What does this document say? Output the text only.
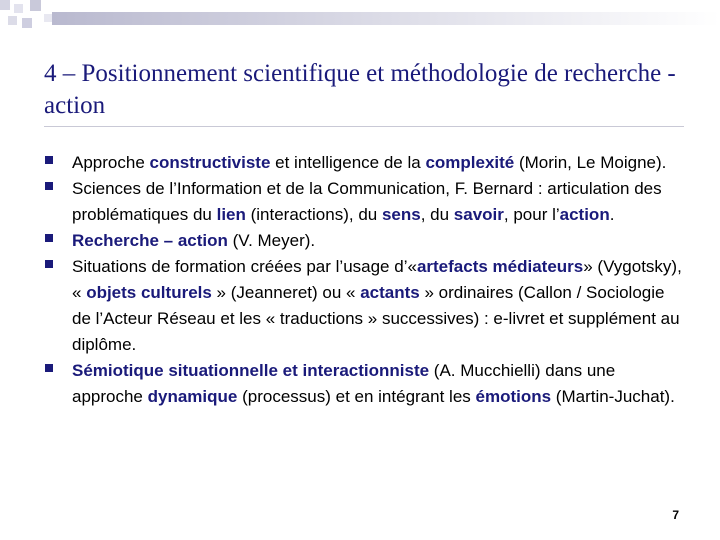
4 – Positionnement scientifique et méthodologie de recherche - action
Approche constructiviste et intelligence de la complexité (Morin, Le Moigne).
Sciences de l’Information et de la Communication, F. Bernard : articulation des problématiques du lien (interactions), du sens, du savoir, pour l’action.
Recherche – action (V. Meyer).
Situations de formation créées par l’usage d’«artefacts médiateurs» (Vygotsky), « objets culturels » (Jeanneret) ou « actants » ordinaires (Callon / Sociologie de l’Acteur Réseau et les « traductions » successives) : e-livret et supplément au diplôme.
Sémiotique situationnelle et interactionniste (A. Mucchielli) dans une approche dynamique (processus) et en intégrant les émotions (Martin-Juchat).
7
